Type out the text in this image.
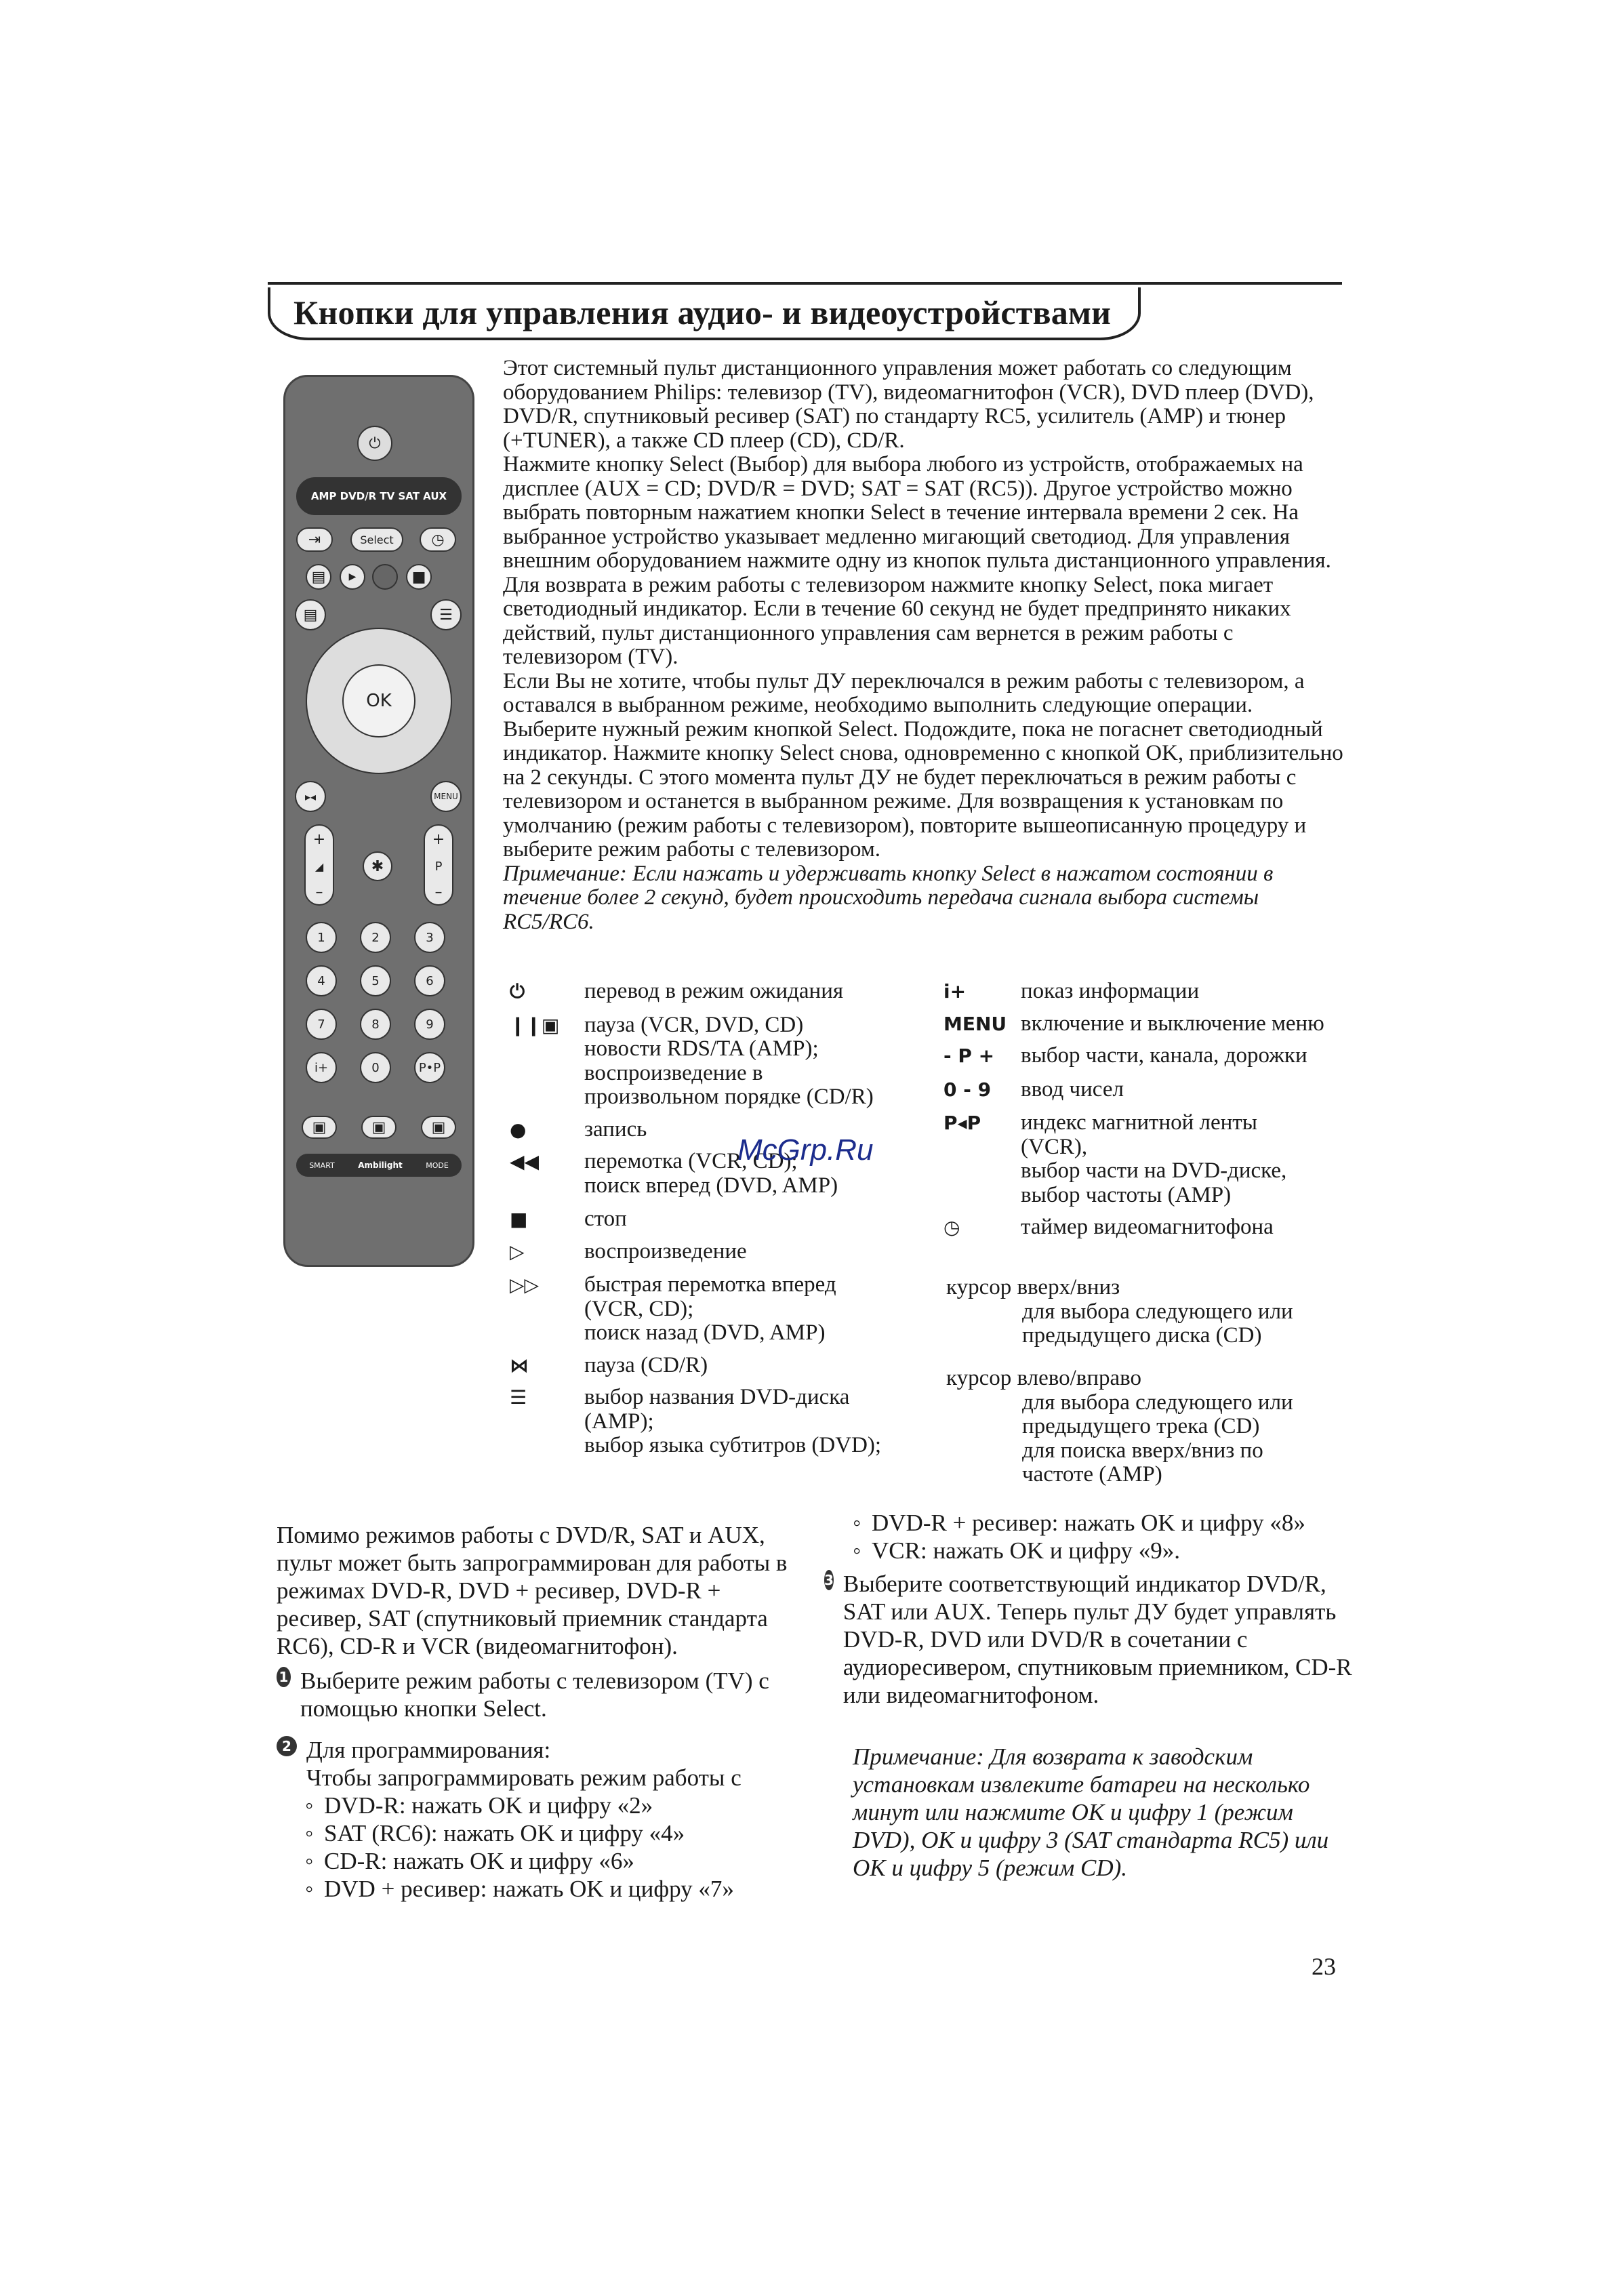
Кнопки для управления аудио- и видеоустройствами
⏻
AMP DVD/R TV SAT AUX
⇥	Select	◷
▤	▶	■
▤	☰
OK
▸◂	MENU
+
◢
–
✱
+
P
–
1	2	3
4	5	6
7	8	9
i+	0	P•P
▣	▣	▣
SMART	Ambilight	MODE

Этот системный пульт дистанционного управления может работать со следующим оборудованием Philips: телевизор (TV), видеомагнитофон (VCR), DVD плеер (DVD), DVD/R, спутниковый ресивер (SAT) по стандарту RC5, усилитель (AMP) и тюнер (+TUNER), а также CD плеер (CD), CD/R.

Нажмите кнопку Select (Выбор) для выбора любого из устройств, отображаемых на дисплее (AUX = CD; DVD/R = DVD; SAT = SAT (RC5)). Другое устройство можно выбрать повторным нажатием кнопки Select в течение интервала времени 2 сек. На выбранное устройство указывает медленно мигающий светодиод. Для управления внешним оборудованием нажмите одну из кнопок пульта дистанционного управления. Для возврата в режим работы с телевизором нажмите кнопку Select, пока мигает светодиодный индикатор. Если в течение 60 секунд не будет предпринято никаких действий, пульт дистанционного управления сам вернется в режим работы с телевизором (TV).

Если Вы не хотите, чтобы пульт ДУ переключался в режим работы с телевизором, а оставался в выбранном режиме, необходимо выполнить следующие операции. Выберите нужный режим кнопкой Select. Подождите, пока не погаснет светодиодный индикатор. Нажмите кнопку Select снова, одновременно с кнопкой OK, приблизительно на 2 секунды. С этого момента пульт ДУ не будет переключаться в режим работы с телевизором и останется в выбранном режиме. Для возвращения к установкам по умолчанию (режим работы с телевизором), повторите вышеописанную процедуру и выберите режим работы с телевизором.

Примечание: Если нажать и удерживать кнопку Select в нажатом состоянии в течение более 2 секунд, будет происходить передача сигнала выбора системы RC5/RC6.

⏻	перевод в режим ожидания
❙❙▣	пауза (VCR, DVD, CD)
новости RDS/TA (AMP);
воспроизведение в
произвольном порядке (CD/R)
●	запись
◀◀	перемотка (VCR, CD);
поиск вперед (DVD, AMP)
■	стоп
▷	воспроизведение
▷▷	быстрая перемотка вперед
(VCR, CD);
поиск назад (DVD, AMP)
⋈	пауза (CD/R)
☰	выбор названия DVD-диска
(AMP);
выбор языка субтитров (DVD);
i+	показ информации
MENU включение и выключение меню
- P +	выбор части, канала, дорожки
0 - 9	ввод чисел
P◂P	индекс магнитной ленты
(VCR),
выбор части на DVD-диске,
выбор частоты (AMP)
◷	таймер видеомагнитофона
курсор вверх/вниз
для выбора следующего или
предыдущего диска (CD)
курсор влево/вправо
для выбора следующего или
предыдущего трека (CD)
для поиска вверх/вниз по
частоте (AMP)
McGrp.Ru

Помимо режимов работы с DVD/R, SAT и AUX, пульт может быть запрограммирован для работы в режимах DVD-R, DVD + ресивер, DVD-R + ресивер, SAT (спутниковый приемник стандарта RC6), CD-R и VCR (видеомагнитофон).

1 Выберите режим работы с телевизором (TV) с помощью кнопки Select.
2 Для программирования:
Чтобы запрограммировать режим работы с
◦ DVD-R: нажать OK и цифру «2»
◦ SAT (RC6): нажать OK и цифру «4»
◦ CD-R: нажать OK и цифру «6»
◦ DVD + ресивер: нажать OK и цифру «7»
◦ DVD-R + ресивер: нажать OK и цифру «8»
◦ VCR: нажать OK и цифру «9».
3 Выберите соответствующий индикатор DVD/R, SAT или AUX. Теперь пульт ДУ будет управлять DVD-R, DVD или DVD/R в сочетании с аудиоресивером, спутниковым приемником, CD-R или видеомагнитофоном.

Примечание: Для возврата к заводским установкам извлеките батареи на несколько минут или нажмите OK и цифру 1 (режим DVD), OK и цифру 3 (SAT стандарта RC5) или OK и цифру 5 (режим CD).

23
